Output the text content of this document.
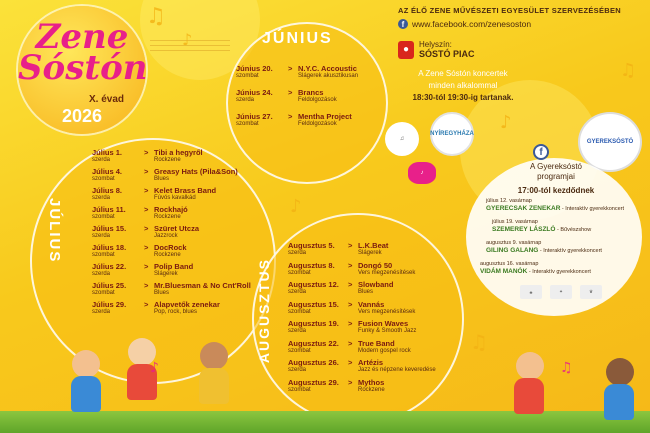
♫
♪
♪
♫
♪
♫
Zene
Sóstón
X. évad
2026
JÚNIUS
JÚLIUS
AUGUSZTUS
Június 20.
szombat
> N.Y.C. Accoustic
Slágerek akusztikusan
Június 24.
szerda
> Brancs
Feldolgozások
Június 27.
szombat
> Mentha Project
Feldolgozások
Július 1.
szerda
> Tibi a hegyről
Rockzene
Július 4.
szombat
> Greasy Hats (Pila&Son)
Blues
Július 8.
szerda
> Kelet Brass Band
Fúvós kavalkád
Július 11.
szombat
> Rockhajó
Rockzene
Július 15.
szerda
> Szüret Utcza
Jazzrock
Július 18.
szombat
> DocRock
Rockzene
Július 22.
szerda
> Polip Band
Slágerek
Július 25.
szombat
> Mr.Bluesman & No Cnt'Roll
Blues
Július 29.
szerda
> Alapvetők zenekar
Pop, rock, blues
Augusztus 5.
szerda
> L.K.Beat
Slágerek
Augusztus 8.
szombat
> Dongó 50
Vers megzenésítések
Augusztus 12.
szerda
> Slowband
Blues
Augusztus 15.
szombat
> Vannás
Vers megzenésítések
Augusztus 19.
szerda
> Fusion Waves
Funky & Smooth Jazz
Augusztus 22.
szombat
> True Band
Modern gospel rock
Augusztus 26.
szerda
> Artézis
Jazz és népzene keveredése
Augusztus 29.
szombat
> Mythos
Rockzene
AZ ÉLŐ ZENE MŰVÉSZETI EGYESÜLET SZERVEZÉSÉBEN
f www.facebook.com/zenesoston
●	Helyszín:
SÓSTÓ PIAC
A Zene Sóstón koncertek
minden alkalommal
18:30-tól 19:30-ig tartanak.
♫
NYÍREGYHÁZA
♪
GYEREKSÓSTÓ
f
A Gyereksóstó
programjai
17:00-tól kezdődnek
július 12. vasárnap
GYERECSAK ZENEKAR - Interaktív gyerekkoncert
július 19. vasárnap
SZEMEREY LÁSZLÓ - Bűvészshow
augusztus 9. vasárnap
GILING GALANG - Interaktív gyerekkoncert
augusztus 16. vasárnap
VIDÁM MANÓK - Interaktív gyerekkoncert
♣	✦	♛
♪	♫
